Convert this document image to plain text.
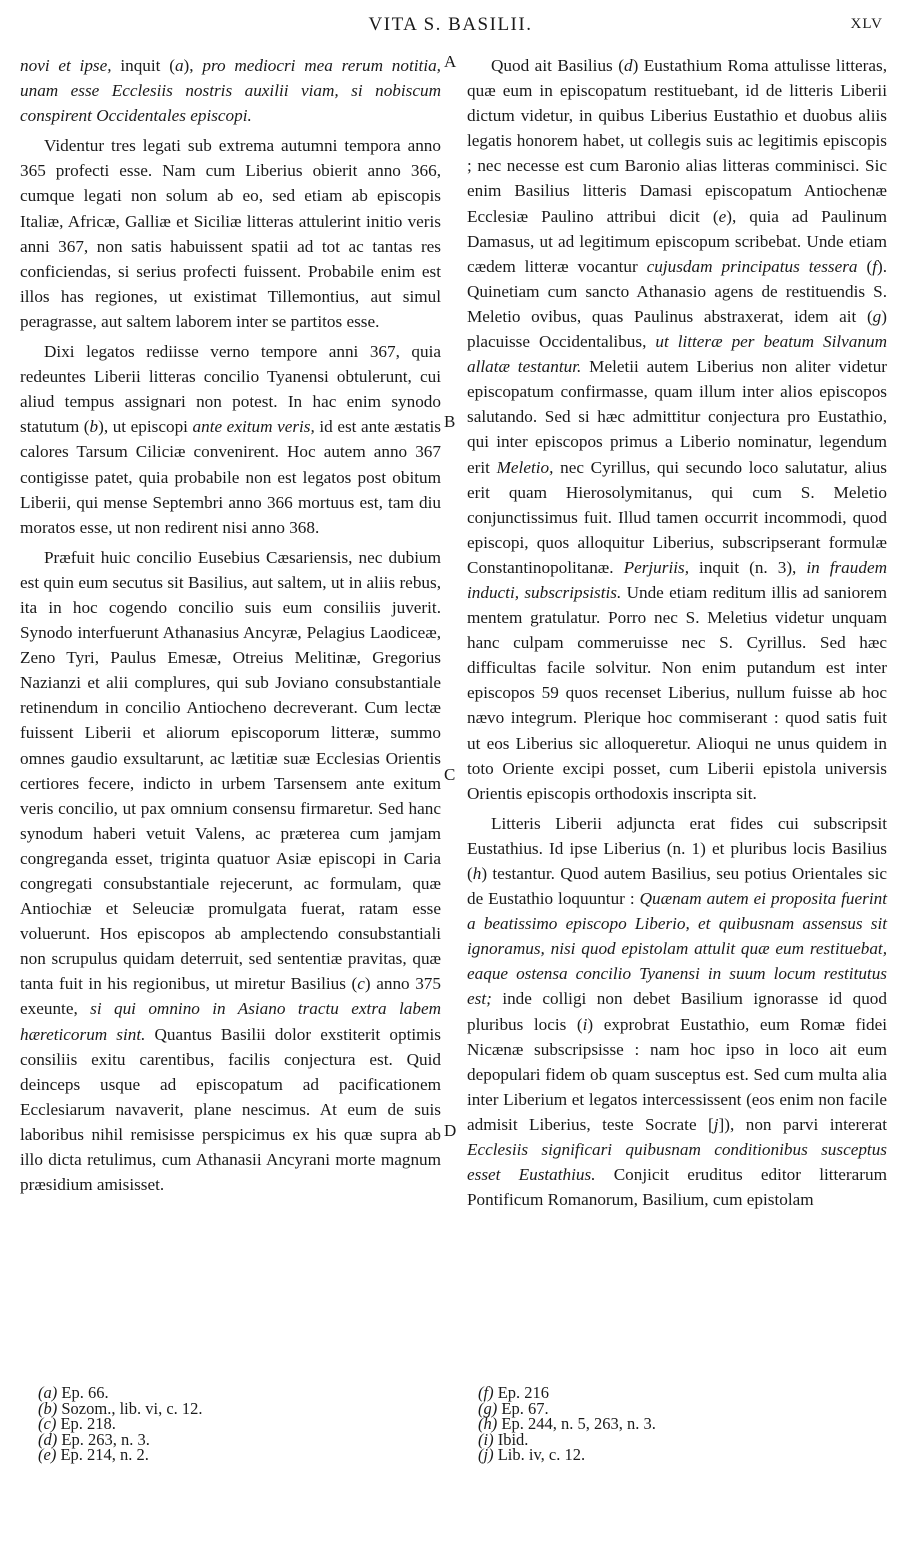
VITA S. BASILII.	XLV

novi et ipse, inquit (a), pro mediocri mea rerum notitia, unam esse Ecclesiis nostris auxilii viam, si nobiscum conspirent Occidentales episcopi.

Videntur tres legati sub extrema autumni tempora anno 365 profecti esse. Nam cum Liberius obierit anno 366, cumque legati non solum ab eo, sed etiam ab episcopis Italiæ, Africæ, Galliæ et Siciliæ litteras attulerint initio veris anni 367, non satis habuissent spatii ad tot ac tantas res conficiendas, si serius profecti fuissent. Probabile enim est illos has regiones, ut existimat Tillemontius, aut simul peragrasse, aut saltem laborem inter se partitos esse.

Dixi legatos rediisse verno tempore anni 367, quia redeuntes Liberii litteras concilio Tyanensi obtulerunt, cui aliud tempus assignari non potest. In hac enim synodo statutum (b), ut episcopi ante exitum veris, id est ante æstatis calores Tarsum Ciliciæ convenirent. Hoc autem anno 367 contigisse patet, quia probabile non est legatos post obitum Liberii, qui mense Septembri anno 366 mortuus est, tam diu moratos esse, ut non redirent nisi anno 368.

Præfuit huic concilio Eusebius Cæsariensis, nec dubium est quin eum secutus sit Basilius, aut saltem, ut in aliis rebus, ita in hoc cogendo concilio suis eum consiliis juverit. Synodo interfuerunt Athanasius Ancyræ, Pelagius Laodiceæ, Zeno Tyri, Paulus Emesæ, Otreius Melitinæ, Gregorius Nazianzi et alii complures, qui sub Joviano consubstantiale retinendum in concilio Antiocheno decreverant. Cum lectæ fuissent Liberii et aliorum episcoporum litteræ, summo omnes gaudio exsultarunt, ac lætitiæ suæ Ecclesias Orientis certiores fecere, indicto in urbem Tarsensem ante exitum veris concilio, ut pax omnium consensu firmaretur. Sed hanc synodum haberi vetuit Valens, ac præterea cum jamjam congreganda esset, triginta quatuor Asiæ episcopi in Caria congregati consubstantiale rejecerunt, ac formulam, quæ Antiochiæ et Seleuciæ promulgata fuerat, ratam esse voluerunt. Hos episcopos ab amplectendo consubstantiali non scrupulus quidam deterruit, sed sententiæ pravitas, quæ tanta fuit in his regionibus, ut miretur Basilius (c) anno 375 exeunte, si qui omnino in Asiano tractu extra labem hæreticorum sint. Quantus Basilii dolor exstiterit optimis consiliis exitu carentibus, facilis conjectura est. Quid deinceps usque ad episcopatum ad pacificationem Ecclesiarum navaverit, plane nescimus. At eum de suis laboribus nihil remisisse perspicimus ex his quæ supra ab illo dicta retulimus, cum Athanasii Ancyrani morte magnum præsidium amisisset.

Quod ait Basilius (d) Eustathium Roma attulisse litteras, quæ eum in episcopatum restituebant, id de litteris Liberii dictum videtur, in quibus Liberius Eustathio et duobus aliis legatis honorem habet, ut collegis suis ac legitimis episcopis ; nec necesse est cum Baronio alias litteras comminisci. Sic enim Basilius litteris Damasi episcopatum Antiochenæ Ecclesiæ Paulino attribui dicit (e), quia ad Paulinum Damasus, ut ad legitimum episcopum scribebat. Unde etiam cædem litteræ vocantur cujusdam principatus tessera (f). Quinetiam cum sancto Athanasio agens de restituendis S. Meletio ovibus, quas Paulinus abstraxerat, idem ait (g) placuisse Occidentalibus, ut litteræ per beatum Silvanum allatæ testantur. Meletii autem Liberius non aliter videtur episcopatum confirmasse, quam illum inter alios episcopos salutando. Sed si hæc admittitur conjectura pro Eustathio, qui inter episcopos primus a Liberio nominatur, legendum erit Meletio, nec Cyrillus, qui secundo loco salutatur, alius erit quam Hierosolymitanus, qui cum S. Meletio conjunctissimus fuit. Illud tamen occurrit incommodi, quod episcopi, quos alloquitur Liberius, subscripserant formulæ Constantinopolitanæ. Perjuriis, inquit (n. 3), in fraudem inducti, subscripsistis. Unde etiam reditum illis ad saniorem mentem gratulatur. Porro nec S. Meletius videtur unquam hanc culpam commeruisse nec S. Cyrillus. Sed hæc difficultas facile solvitur. Non enim putandum est inter episcopos 59 quos recenset Liberius, nullum fuisse ab hoc nævo integrum. Plerique hoc commiserant : quod satis fuit ut eos Liberius sic alloqueretur. Alioqui ne unus quidem in toto Oriente excipi posset, cum Liberii epistola universis Orientis episcopis orthodoxis inscripta sit.

Litteris Liberii adjuncta erat fides cui subscripsit Eustathius. Id ipse Liberius (n. 1) et pluribus locis Basilius (h) testantur. Quod autem Basilius, seu potius Orientales sic de Eustathio loquuntur : Quænam autem ei proposita fuerint a beatissimo episcopo Liberio, et quibusnam assensus sit ignoramus, nisi quod epistolam attulit quæ eum restituebat, eaque ostensa concilio Tyanensi in suum locum restitutus est; inde colligi non debet Basilium ignorasse id quod pluribus locis (i) exprobrat Eustathio, eum Romæ fidei Nicænæ subscripsisse : nam hoc ipso in loco ait eum depopulari fidem ob quam susceptus est. Sed cum multa alia inter Liberium et legatos intercessissent (eos enim non facile admisit Liberius, teste Socrate [j]), non parvi intererat Ecclesiis significari quibusnam conditionibus susceptus esset Eustathius. Conjicit eruditus editor litterarum Pontificum Romanorum, Basilium, cum epistolam

A
B
C
D
(a) Ep. 66.
(b) Sozom., lib. vi, c. 12.
(c) Ep. 218.
(d) Ep. 263, n. 3.
(e) Ep. 214, n. 2.
(f) Ep. 216
(g) Ep. 67.
(h) Ep. 244, n. 5, 263, n. 3.
(i) Ibid.
(j) Lib. iv, c. 12.
